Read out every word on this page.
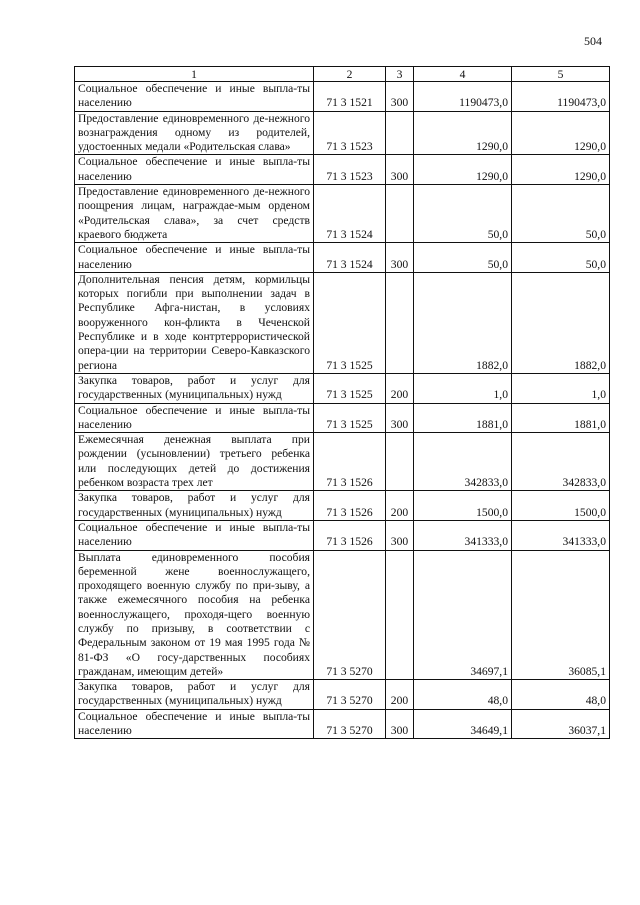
504
1	2	3	4	5
Социальное обеспечение и иные выпла-ты населению	71 3 1521	300	1190473,0	1190473,0
Предоставление единовременного де-нежного вознаграждения одному из родителей, удостоенных медали «Родительская слава»	71 3 1523		1290,0	1290,0
Социальное обеспечение и иные выпла-ты населению	71 3 1523	300	1290,0	1290,0
Предоставление единовременного де-нежного поощрения лицам, награждае-мым орденом «Родительская слава», за счет средств краевого бюджета	71 3 1524		50,0	50,0
Социальное обеспечение и иные выпла-ты населению	71 3 1524	300	50,0	50,0
Дополнительная пенсия детям, кормильцы которых погибли при выполнении задач в Республике Афга-нистан, в условиях вооруженного кон-фликта в Чеченской Республике и в ходе контртеррористической опера-ции на территории Северо-Кавказского региона	71 3 1525		1882,0	1882,0
Закупка товаров, работ и услуг для государственных (муниципальных) нужд	71 3 1525	200	1,0	1,0
Социальное обеспечение и иные выпла-ты населению	71 3 1525	300	1881,0	1881,0
Ежемесячная денежная выплата при рождении (усыновлении) третьего ребенка или последующих детей до достижения ребенком возраста трех лет	71 3 1526		342833,0	342833,0
Закупка товаров, работ и услуг для государственных (муниципальных) нужд	71 3 1526	200	1500,0	1500,0
Социальное обеспечение и иные выпла-ты населению	71 3 1526	300	341333,0	341333,0
Выплата единовременного пособия беременной жене военнослужащего, проходящего военную службу по при-зыву, а также ежемесячного пособия на ребенка военнослужащего, проходя-щего военную службу по призыву, в соответствии с Федеральным законом от 19 мая 1995 года № 81-ФЗ «О госу-дарственных пособиях гражданам, имеющим детей»	71 3 5270		34697,1	36085,1
Закупка товаров, работ и услуг для государственных (муниципальных) нужд	71 3 5270	200	48,0	48,0
Социальное обеспечение и иные выпла-ты населению	71 3 5270	300	34649,1	36037,1
